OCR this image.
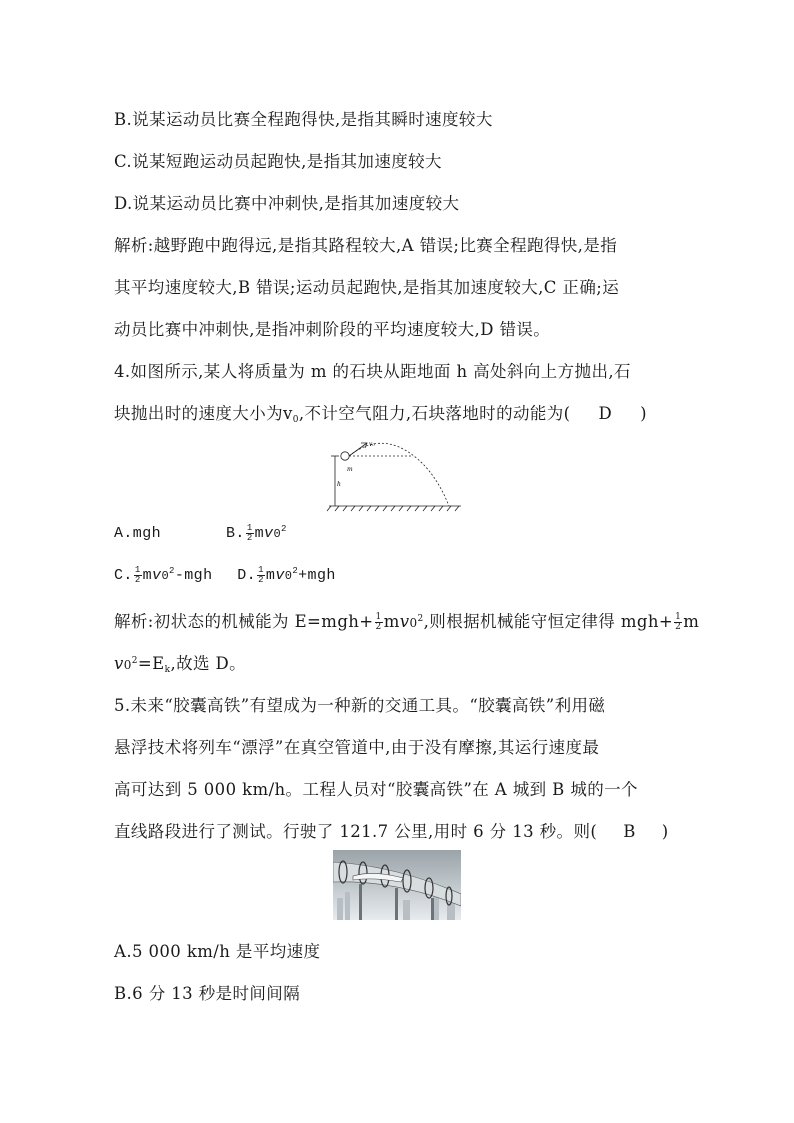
B.说某运动员比赛全程跑得快,是指其瞬时速度较大
C.说某短跑运动员起跑快,是指其加速度较大
D.说某运动员比赛中冲刺快,是指其加速度较大
解析:越野跑中跑得远,是指其路程较大,A 错误;比赛全程跑得快,是指
其平均速度较大,B 错误;运动员起跑快,是指其加速度较大,C 正确;运
动员比赛中冲刺快,是指冲刺阶段的平均速度较大,D 错误。
4.如图所示,某人将质量为 m 的石块从距地面 h 高处斜向上方抛出,石
块抛出时的速度大小为$v_0$,不计空气阻力,石块落地时的动能为( D )
v₀
m
h
A.mgh	B. $\frac{1}{2} mv0^2$
C. $\frac{1}{2} mv0^2-mgh$ D. $\frac{1}{2} mv0^2+mgh$
解析:初状态的机械能为 $E=mgh+ \frac{1}{2} mv0^2$,则根据机械能守恒定律得 $mgh+ \frac{1}{2}$ m
$v0^2=E_k$,故选 D。
5.未来“胶囊高铁”有望成为一种新的交通工具。“胶囊高铁”利用磁
悬浮技术将列车“漂浮”在真空管道中,由于没有摩擦,其运行速度最
高可达到 5 000 km/h。工程人员对“胶囊高铁”在 A 城到 B 城的一个
直线路段进行了测试。行驶了 121.7 公里,用时 6 分 13 秒。则( B )
A.5 000 km/h 是平均速度
B.6 分 13 秒是时间间隔
